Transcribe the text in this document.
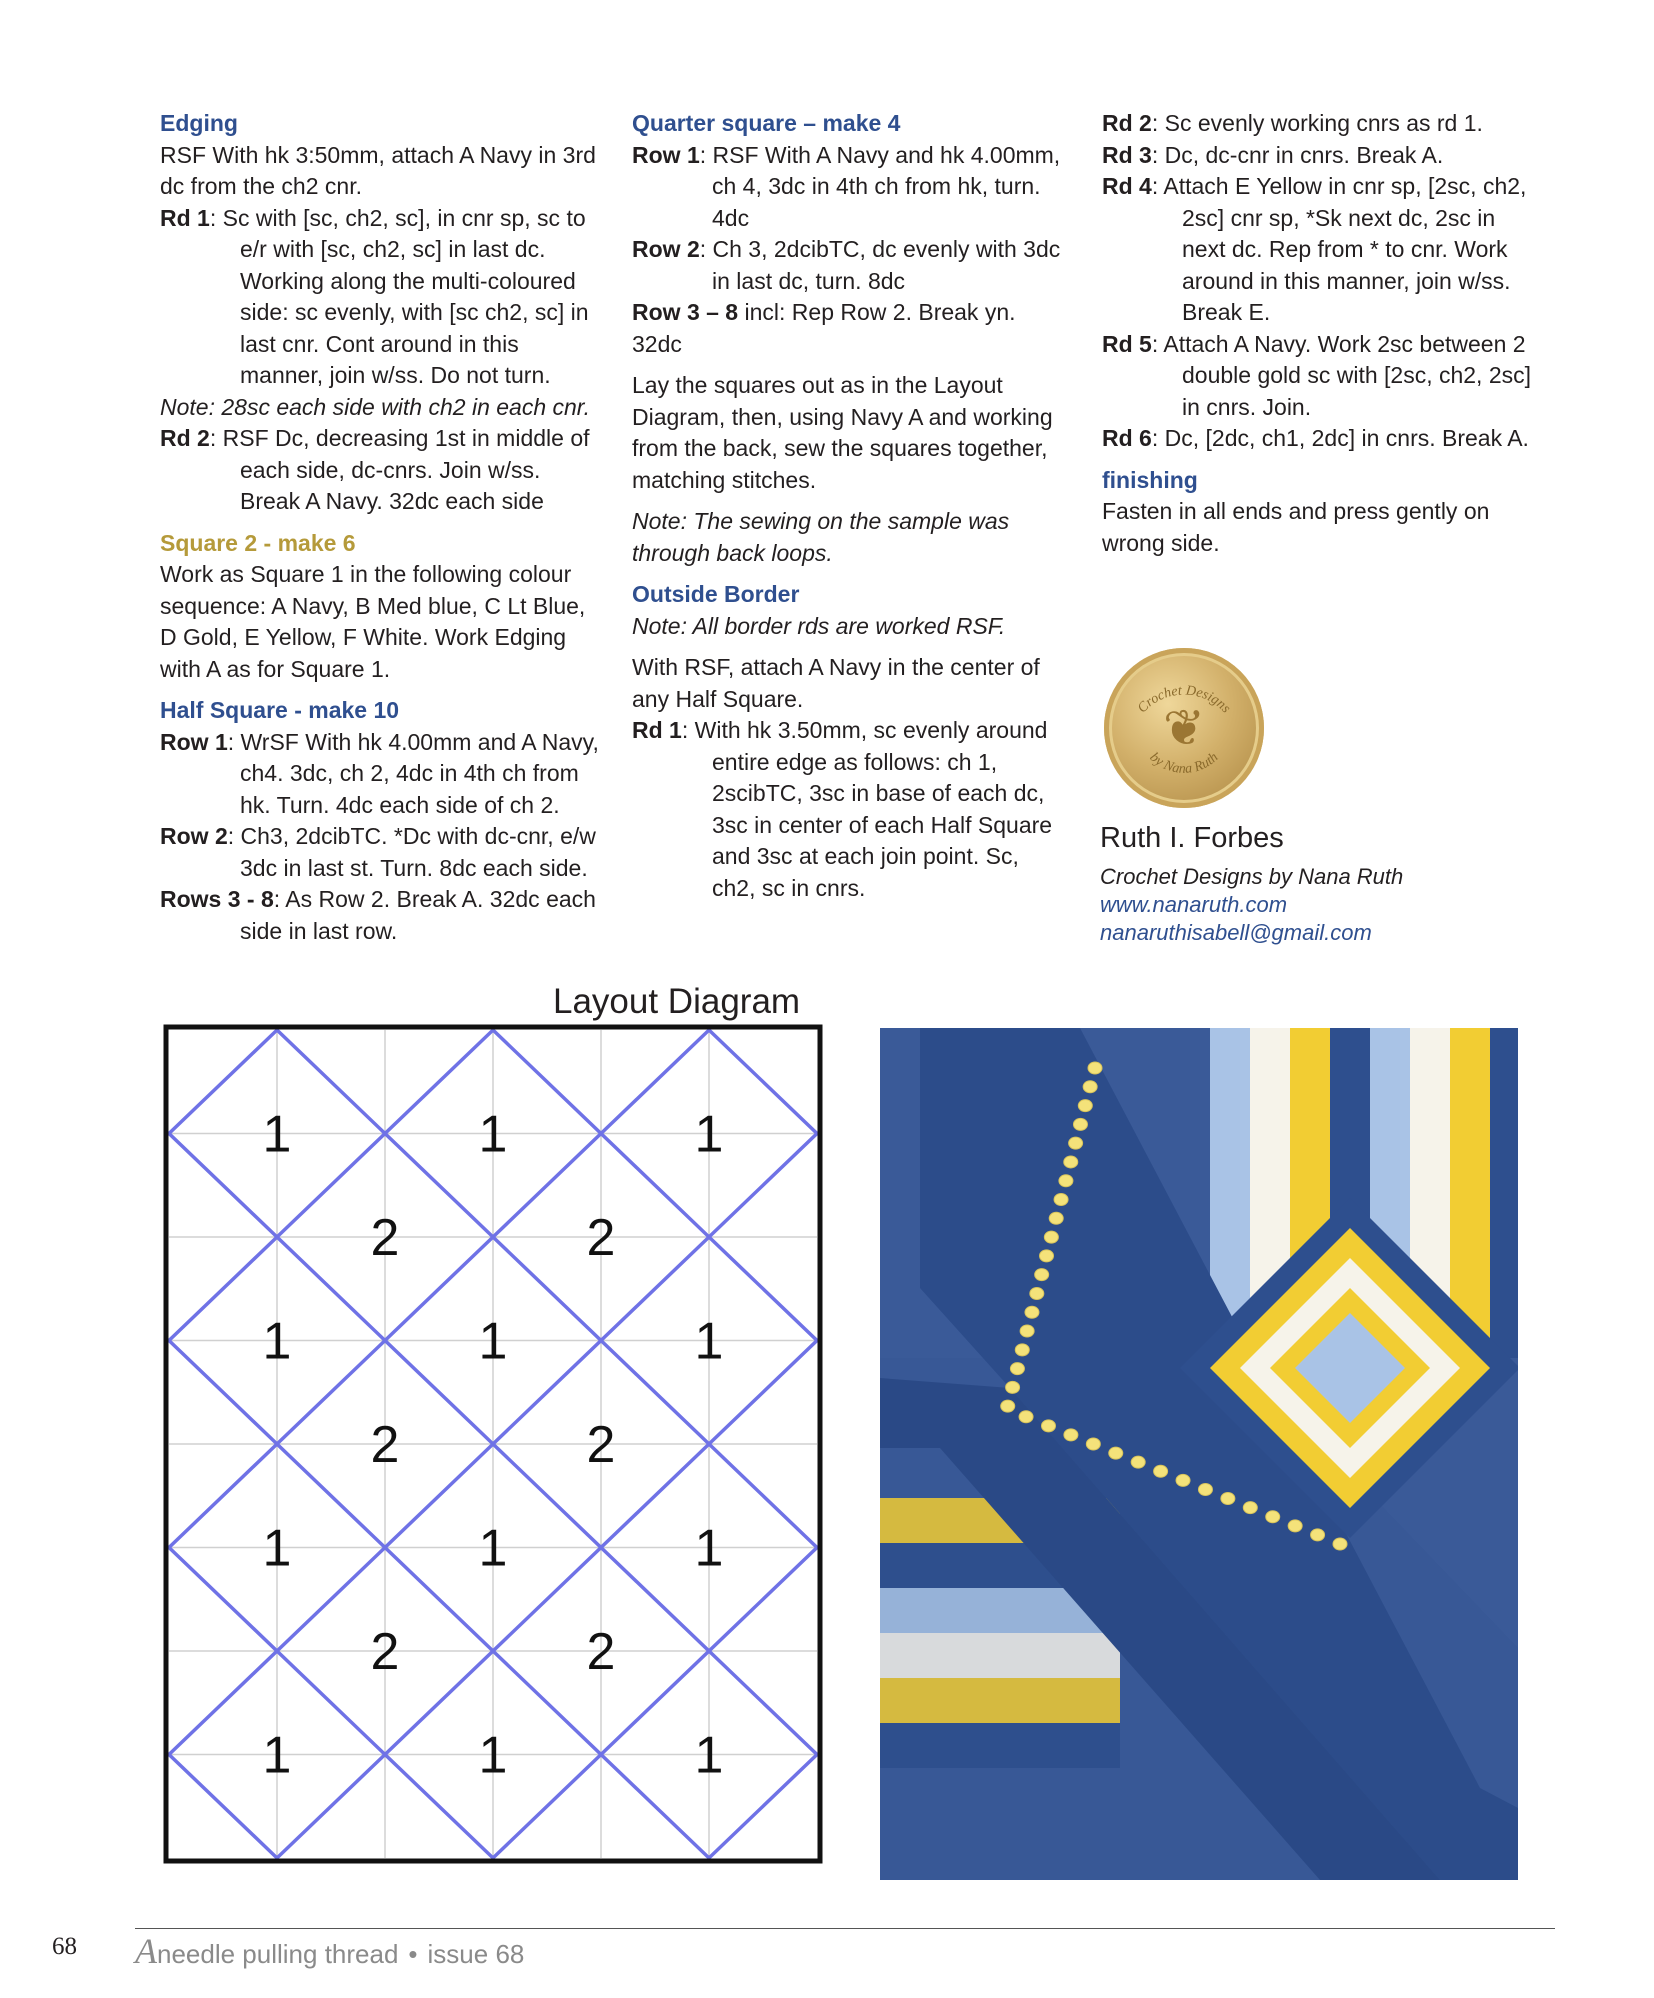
Edging

RSF With hk 3:50mm, attach A Navy in 3rd dc from the ch2 cnr.

Rd 1: Sc with [sc, ch2, sc], in cnr sp, sc to e/r with [sc, ch2, sc] in last dc. Working along the multi-coloured side: sc evenly, with [sc ch2, sc] in last cnr. Cont around in this manner, join w/ss. Do not turn.

Note: 28sc each side with ch2 in each cnr.

Rd 2: RSF Dc, decreasing 1st in middle of each side, dc-cnrs. Join w/ss. Break A Navy. 32dc each side

Square 2 - make 6

Work as Square 1 in the following colour sequence: A Navy, B Med blue, C Lt Blue, D Gold, E Yellow, F White. Work Edging with A as for Square 1.

Half Square - make 10

Row 1: WrSF With hk 4.00mm and A Navy, ch4. 3dc, ch 2, 4dc in 4th ch from hk. Turn. 4dc each side of ch 2.

Row 2: Ch3, 2dcibTC. *Dc with dc-cnr, e/w 3dc in last st. Turn. 8dc each side.

Rows 3 - 8: As Row 2. Break A. 32dc each side in last row.

Quarter square – make 4

Row 1: RSF With A Navy and hk 4.00mm, ch 4, 3dc in 4th ch from hk, turn. 4dc

Row 2: Ch 3, 2dcibTC, dc evenly with 3dc in last dc, turn. 8dc

Row 3 – 8 incl: Rep Row 2. Break yn. 32dc

Lay the squares out as in the Layout Diagram, then, using Navy A and working from the back, sew the squares together, matching stitches.

Note: The sewing on the sample was through back loops.

Outside Border

Note: All border rds are worked RSF.

With RSF, attach A Navy in the center of any Half Square.

Rd 1: With hk 3.50mm, sc evenly around entire edge as follows: ch 1, 2scibTC, 3sc in base of each dc, 3sc in center of each Half Square and 3sc at each join point. Sc, ch2, sc in cnrs.

Rd 2: Sc evenly working cnrs as rd 1.

Rd 3: Dc, dc-cnr in cnrs. Break A.

Rd 4: Attach E Yellow in cnr sp, [2sc, ch2, 2sc] cnr sp, *Sk next dc, 2sc in next dc. Rep from * to cnr. Work around in this manner, join w/ss. Break E.

Rd 5: Attach A Navy. Work 2sc between 2 double gold sc with [2sc, ch2, 2sc] in cnrs. Join.

Rd 6: Dc, [2dc, ch1, 2dc] in cnrs. Break A.

finishing

Fasten in all ends and press gently on wrong side.

Crochet Designs
by Nana Ruth
❦
Ruth I. Forbes
Crochet Designs by Nana Ruth
www.nanaruth.com
nanaruthisabell@gmail.com
Layout Diagram
1	1	1
2	2
1	1	1
2	2
1	1	1
2	2
1	1	1
68 Aneedle pulling thread • issue 68
